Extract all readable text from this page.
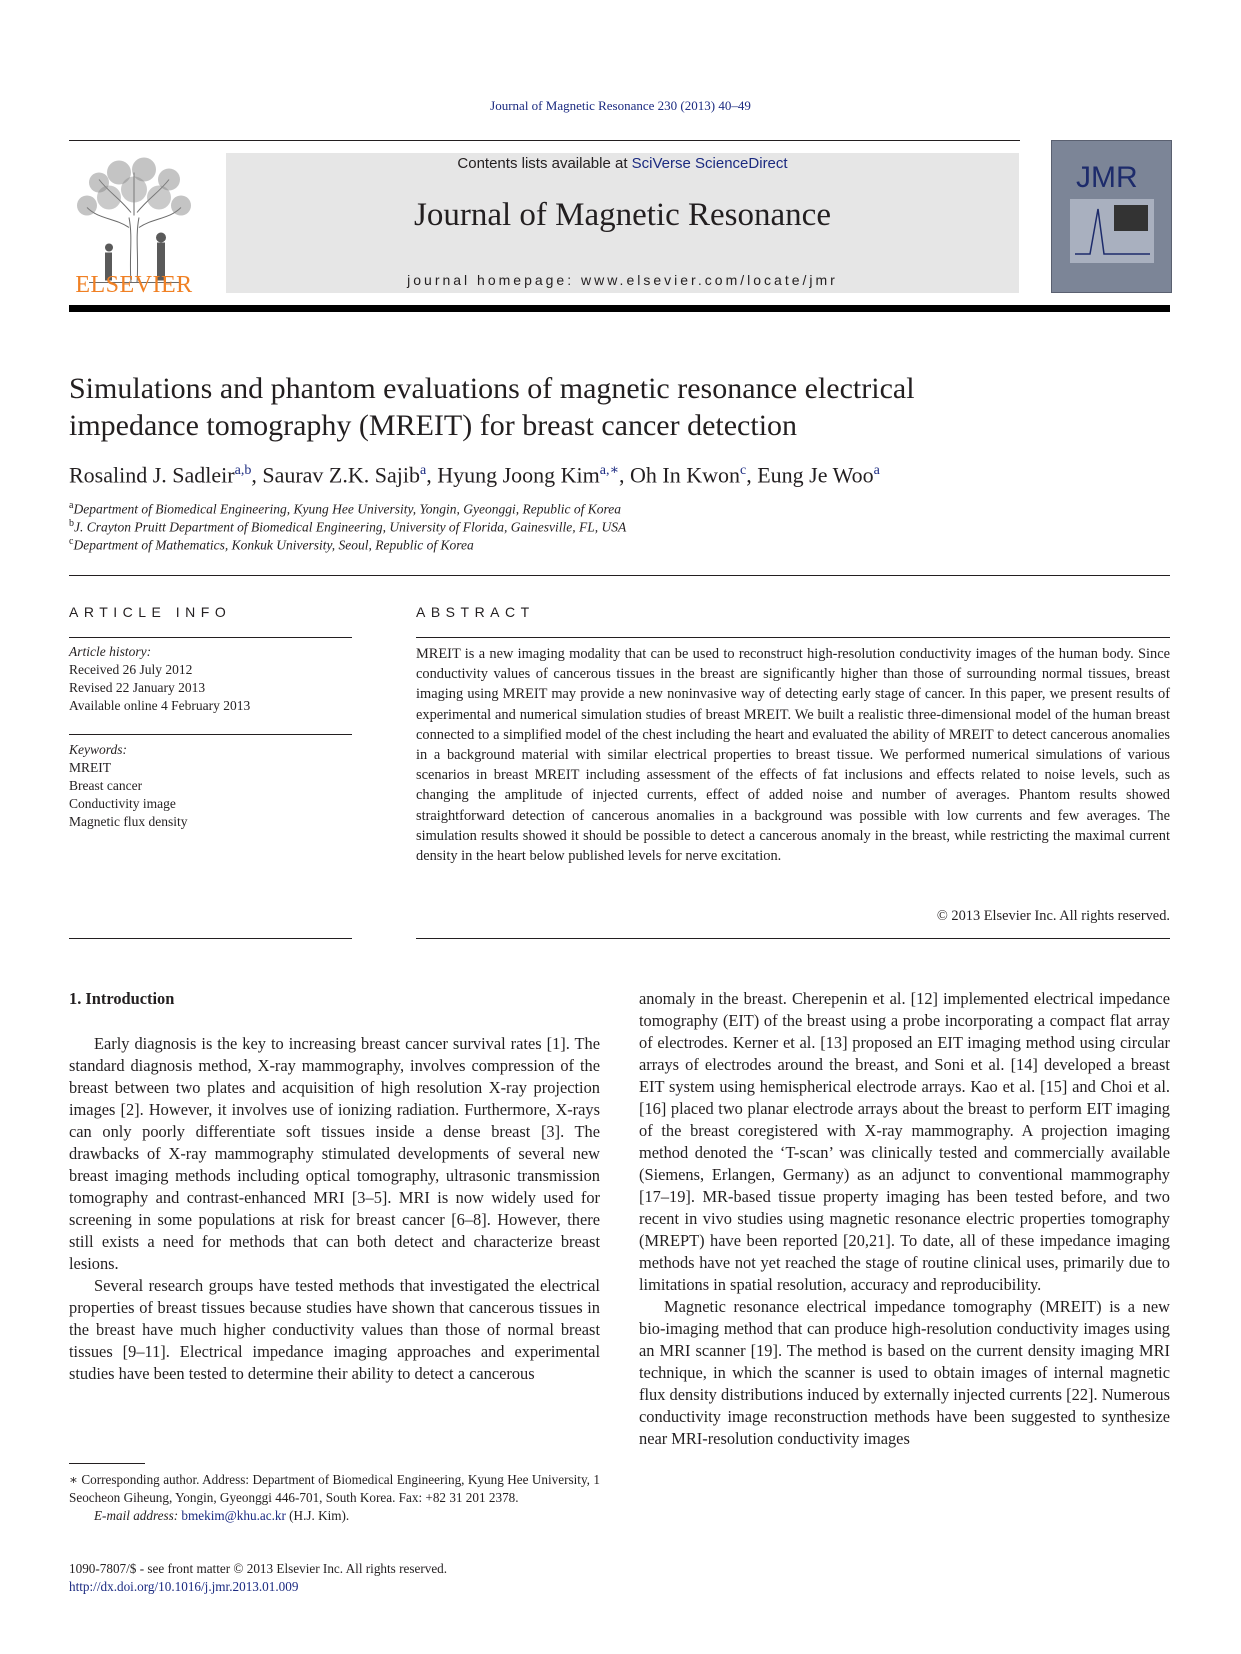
Journal of Magnetic Resonance 230 (2013) 40–49
ELSEVIER
Contents lists available at SciVerse ScienceDirect
Journal of Magnetic Resonance
journal homepage: www.elsevier.com/locate/jmr
JMR
Simulations and phantom evaluations of magnetic resonance electrical
impedance tomography (MREIT) for breast cancer detection
Rosalind J. Sadleir$^{a,b}$, Saurav Z.K. Sajib$^a$, Hyung Joong Kim$^{a,∗}$, Oh In Kwon$^c$, Eung Je Woo$^a$
$^a$Department of Biomedical Engineering, Kyung Hee University, Yongin, Gyeonggi, Republic of Korea
$^b$J. Crayton Pruitt Department of Biomedical Engineering, University of Florida, Gainesville, FL, USA
$^c$Department of Mathematics, Konkuk University, Seoul, Republic of Korea
ARTICLE INFO
Article history:
Received 26 July 2012
Revised 22 January 2013
Available online 4 February 2013
Keywords:
MREIT
Breast cancer
Conductivity image
Magnetic flux density
ABSTRACT
MREIT is a new imaging modality that can be used to reconstruct high-resolution conductivity images of the human body. Since conductivity values of cancerous tissues in the breast are significantly higher than those of surrounding normal tissues, breast imaging using MREIT may provide a new noninvasive way of detecting early stage of cancer. In this paper, we present results of experimental and numerical simulation studies of breast MREIT. We built a realistic three-dimensional model of the human breast connected to a simplified model of the chest including the heart and evaluated the ability of MREIT to detect cancerous anomalies in a background material with similar electrical properties to breast tissue. We performed numerical simulations of various scenarios in breast MREIT including assessment of the effects of fat inclusions and effects related to noise levels, such as changing the amplitude of injected currents, effect of added noise and number of averages. Phantom results showed straightforward detection of cancerous anomalies in a background was possible with low currents and few averages. The simulation results showed it should be possible to detect a cancerous anomaly in the breast, while restricting the maximal current density in the heart below published levels for nerve excitation.
© 2013 Elsevier Inc. All rights reserved.
1. Introduction

Early diagnosis is the key to increasing breast cancer survival rates [1]. The standard diagnosis method, X-ray mammography, involves compression of the breast between two plates and acquisition of high resolution X-ray projection images [2]. However, it involves use of ionizing radiation. Furthermore, X-rays can only poorly differentiate soft tissues inside a dense breast [3]. The drawbacks of X-ray mammography stimulated developments of several new breast imaging methods including optical tomography, ultrasonic transmission tomography and contrast-enhanced MRI [3–5]. MRI is now widely used for screening in some populations at risk for breast cancer [6–8]. However, there still exists a need for methods that can both detect and characterize breast lesions.

Several research groups have tested methods that investigated the electrical properties of breast tissues because studies have shown that cancerous tissues in the breast have much higher conductivity values than those of normal breast tissues [9–11]. Electrical impedance imaging approaches and experimental studies have been tested to determine their ability to detect a cancerous

anomaly in the breast. Cherepenin et al. [12] implemented electrical impedance tomography (EIT) of the breast using a probe incorporating a compact flat array of electrodes. Kerner et al. [13] proposed an EIT imaging method using circular arrays of electrodes around the breast, and Soni et al. [14] developed a breast EIT system using hemispherical electrode arrays. Kao et al. [15] and Choi et al. [16] placed two planar electrode arrays about the breast to perform EIT imaging of the breast coregistered with X-ray mammography. A projection imaging method denoted the ‘T-scan’ was clinically tested and commercially available (Siemens, Erlangen, Germany) as an adjunct to conventional mammography [17–19]. MR-based tissue property imaging has been tested before, and two recent in vivo studies using magnetic resonance electric properties tomography (MREPT) have been reported [20,21]. To date, all of these impedance imaging methods have not yet reached the stage of routine clinical uses, primarily due to limitations in spatial resolution, accuracy and reproducibility.

Magnetic resonance electrical impedance tomography (MREIT) is a new bio-imaging method that can produce high-resolution conductivity images using an MRI scanner [19]. The method is based on the current density imaging MRI technique, in which the scanner is used to obtain images of internal magnetic flux density distributions induced by externally injected currents [22]. Numerous conductivity image reconstruction methods have been suggested to synthesize near MRI-resolution conductivity images

∗ Corresponding author. Address: Department of Biomedical Engineering, Kyung Hee University, 1 Seocheon Giheung, Yongin, Gyeonggi 446-701, South Korea. Fax: +82 31 201 2378.
E-mail address: bmekim@khu.ac.kr (H.J. Kim).
1090-7807/$ - see front matter © 2013 Elsevier Inc. All rights reserved.
http://dx.doi.org/10.1016/j.jmr.2013.01.009
